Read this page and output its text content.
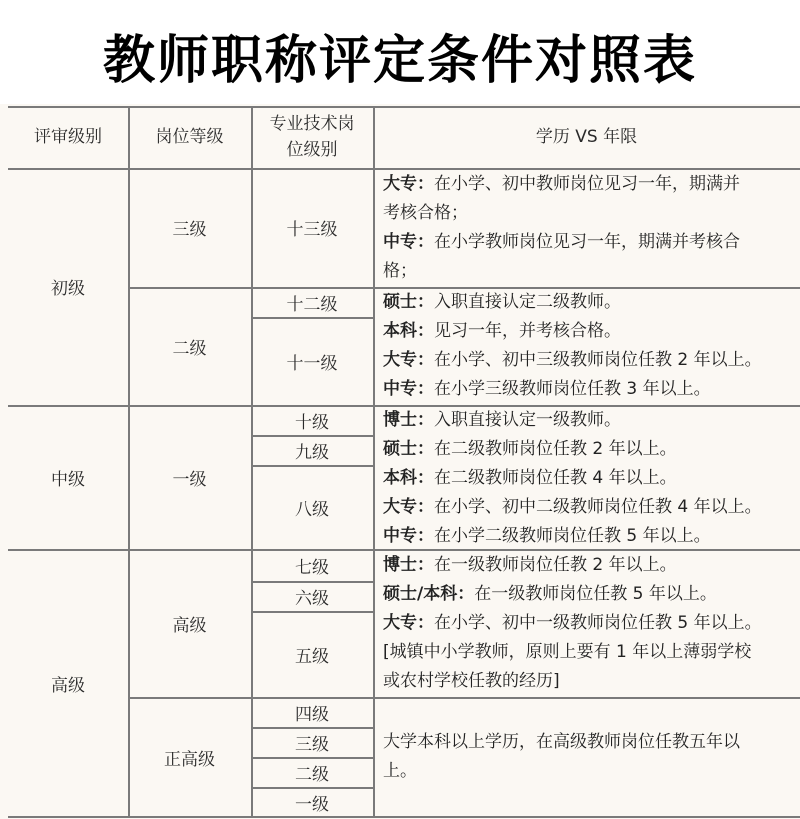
教师职称评定条件对照表
评审级别	岗位等级
专业技术岗
位级别
学历 VS 年限
初级
中级
高级
三级
二级
一级
高级
正高级
十三级
十二级
十一级
十级
九级
八级
七级
六级
五级
四级
三级
二级
一级
大专：在小学、初中教师岗位见习一年，期满并
考核合格；
中专：在小学教师岗位见习一年，期满并考核合
格；
硕士：入职直接认定二级教师。
本科：见习一年，并考核合格。
大专：在小学、初中三级教师岗位任教 2 年以上。
中专：在小学三级教师岗位任教 3 年以上。
博士：入职直接认定一级教师。
硕士：在二级教师岗位任教 2 年以上。
本科：在二级教师岗位任教 4 年以上。
大专：在小学、初中二级教师岗位任教 4 年以上。
中专：在小学二级教师岗位任教 5 年以上。
博士：在一级教师岗位任教 2 年以上。
硕士/本科：在一级教师岗位任教 5 年以上。
大专：在小学、初中一级教师岗位任教 5 年以上。
[城镇中小学教师，原则上要有 1 年以上薄弱学校
或农村学校任教的经历]
大学本科以上学历，在高级教师岗位任教五年以
上。
